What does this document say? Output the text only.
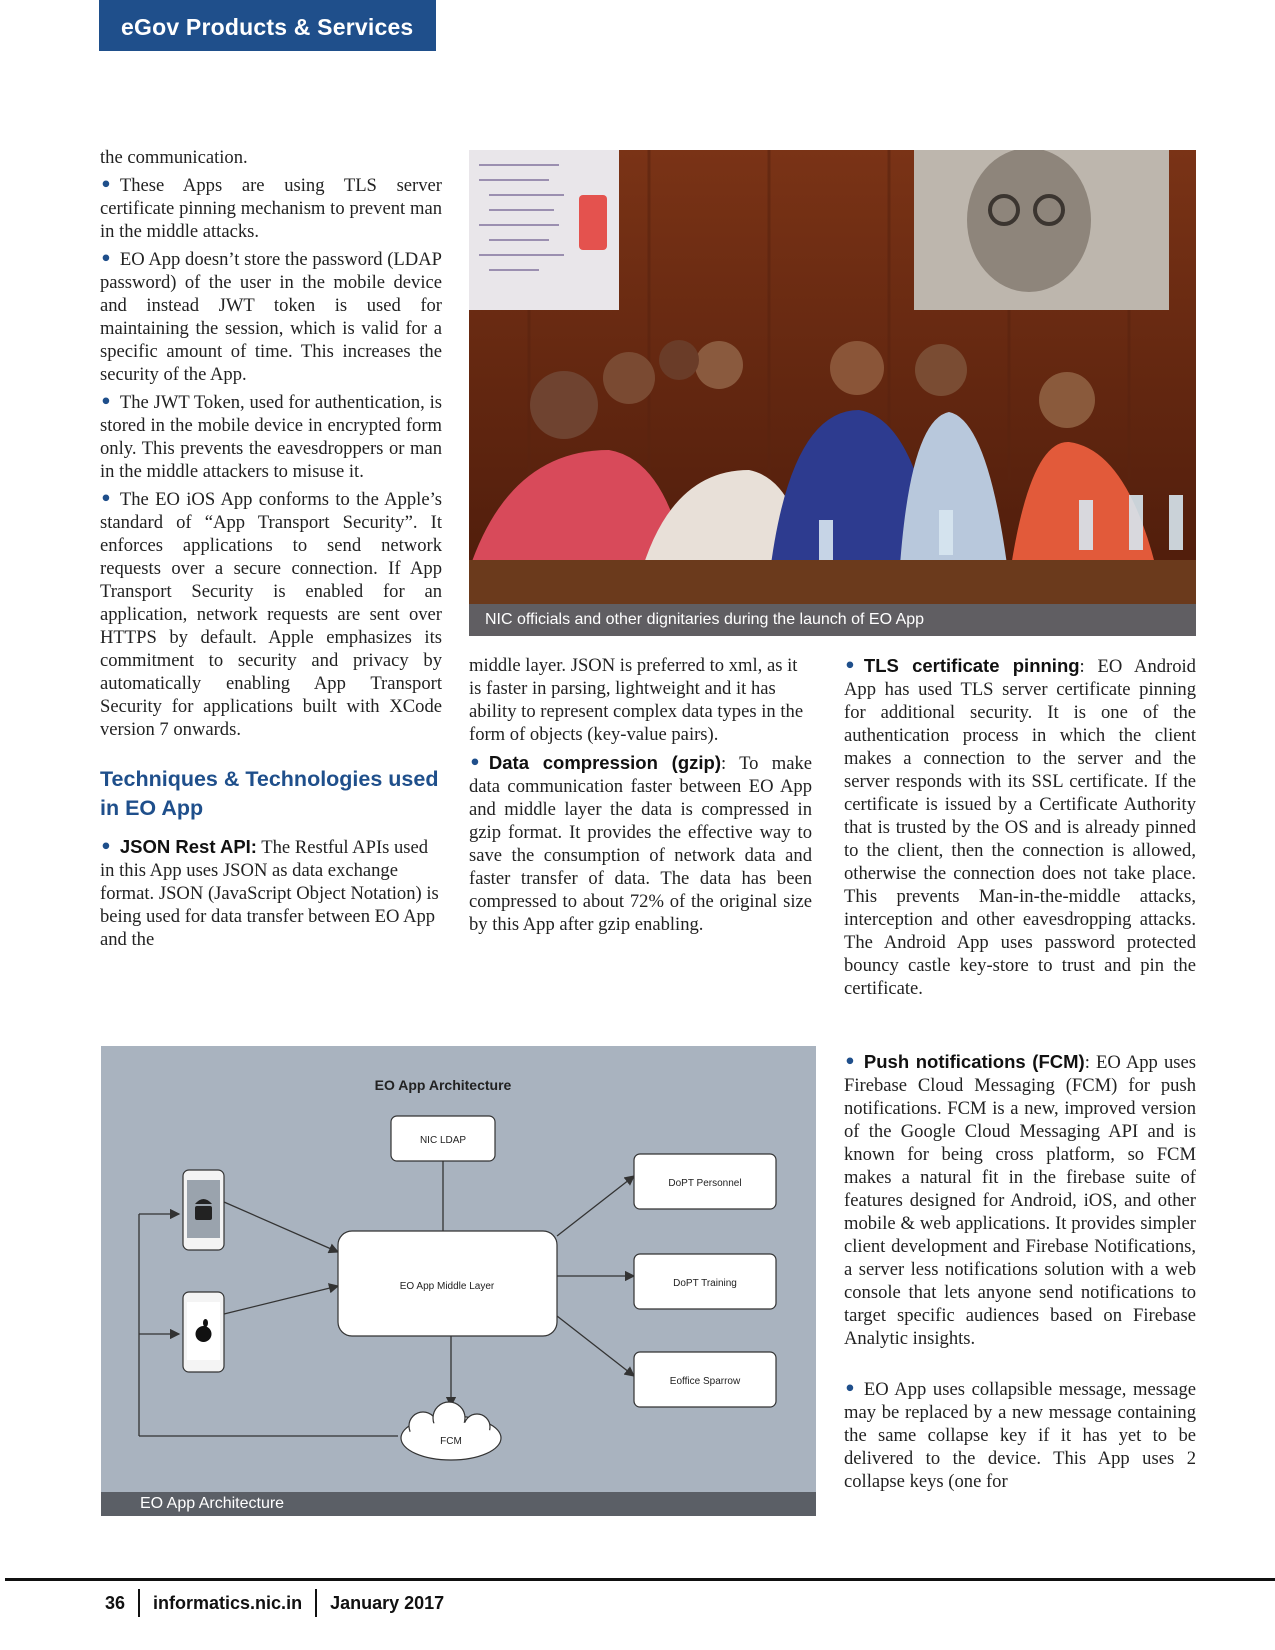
eGov Products & Services

the communication.

• These Apps are using TLS server certificate pinning mechanism to prevent man in the middle attacks.

• EO App doesn’t store the password (LDAP password) of the user in the mobile device and instead JWT token is used for maintaining the session, which is valid for a specific amount of time. This increases the security of the App.

• The JWT Token, used for authentication, is stored in the mobile device in encrypted form only. This prevents the eavesdroppers or man in the middle attackers to misuse it.

• The EO iOS App conforms to the Apple’s standard of “App Transport Security”. It enforces applications to send network requests over a secure connection. If App Transport Security is enabled for an application, network requests are sent over HTTPS by default. Apple emphasizes its commitment to security and privacy by automatically enabling App Transport Security for applications built with XCode version 7 onwards.

Techniques & Technologies used in EO App

• JSON Rest API: The Restful APIs used in this App uses JSON as data exchange format. JSON (JavaScript Object Notation) is being used for data transfer between EO App and the

NIC officials and other dignitaries during the launch of EO App

middle layer. JSON is preferred to xml, as it is faster in parsing, lightweight and it has ability to represent complex data types in the form of objects (key-value pairs).

• Data compression (gzip): To make data communication faster between EO App and middle layer the data is compressed in gzip format. It provides the effective way to save the consumption of network data and faster transfer of data. The data has been compressed to about 72% of the original size by this App after gzip enabling.

• TLS certificate pinning: EO Android App has used TLS server certificate pinning for additional security. It is one of the authentication process in which the client makes a connection to the server and the server responds with its SSL certificate. If the certificate is issued by a Certificate Authority that is trusted by the OS and is already pinned to the client, then the connection is allowed, otherwise the connection does not take place. This prevents Man-in-the-middle attacks, interception and other eavesdropping attacks. The Android App uses password protected bouncy castle key-store to trust and pin the certificate.

• Push notifications (FCM): EO App uses Firebase Cloud Messaging (FCM) for push notifications. FCM is a new, improved version of the Google Cloud Messaging API and is known for being cross platform, so FCM makes a natural fit in the firebase suite of features designed for Android, iOS, and other mobile & web applications. It provides simpler client development and Firebase Notifications, a server less notifications solution with a web console that lets anyone send notifications to target specific audiences based on Firebase Analytic insights.

• EO App uses collapsible message, message may be replaced by a new message containing the same collapse key if it has yet to be delivered to the device. This App uses 2 collapse keys (one for

EO App Architecture
NIC LDAP
EO App Middle Layer
DoPT Personnel
DoPT Training
Eoffice Sparrow
FCM
EO App Architecture
36 informatics.nic.in January 2017
